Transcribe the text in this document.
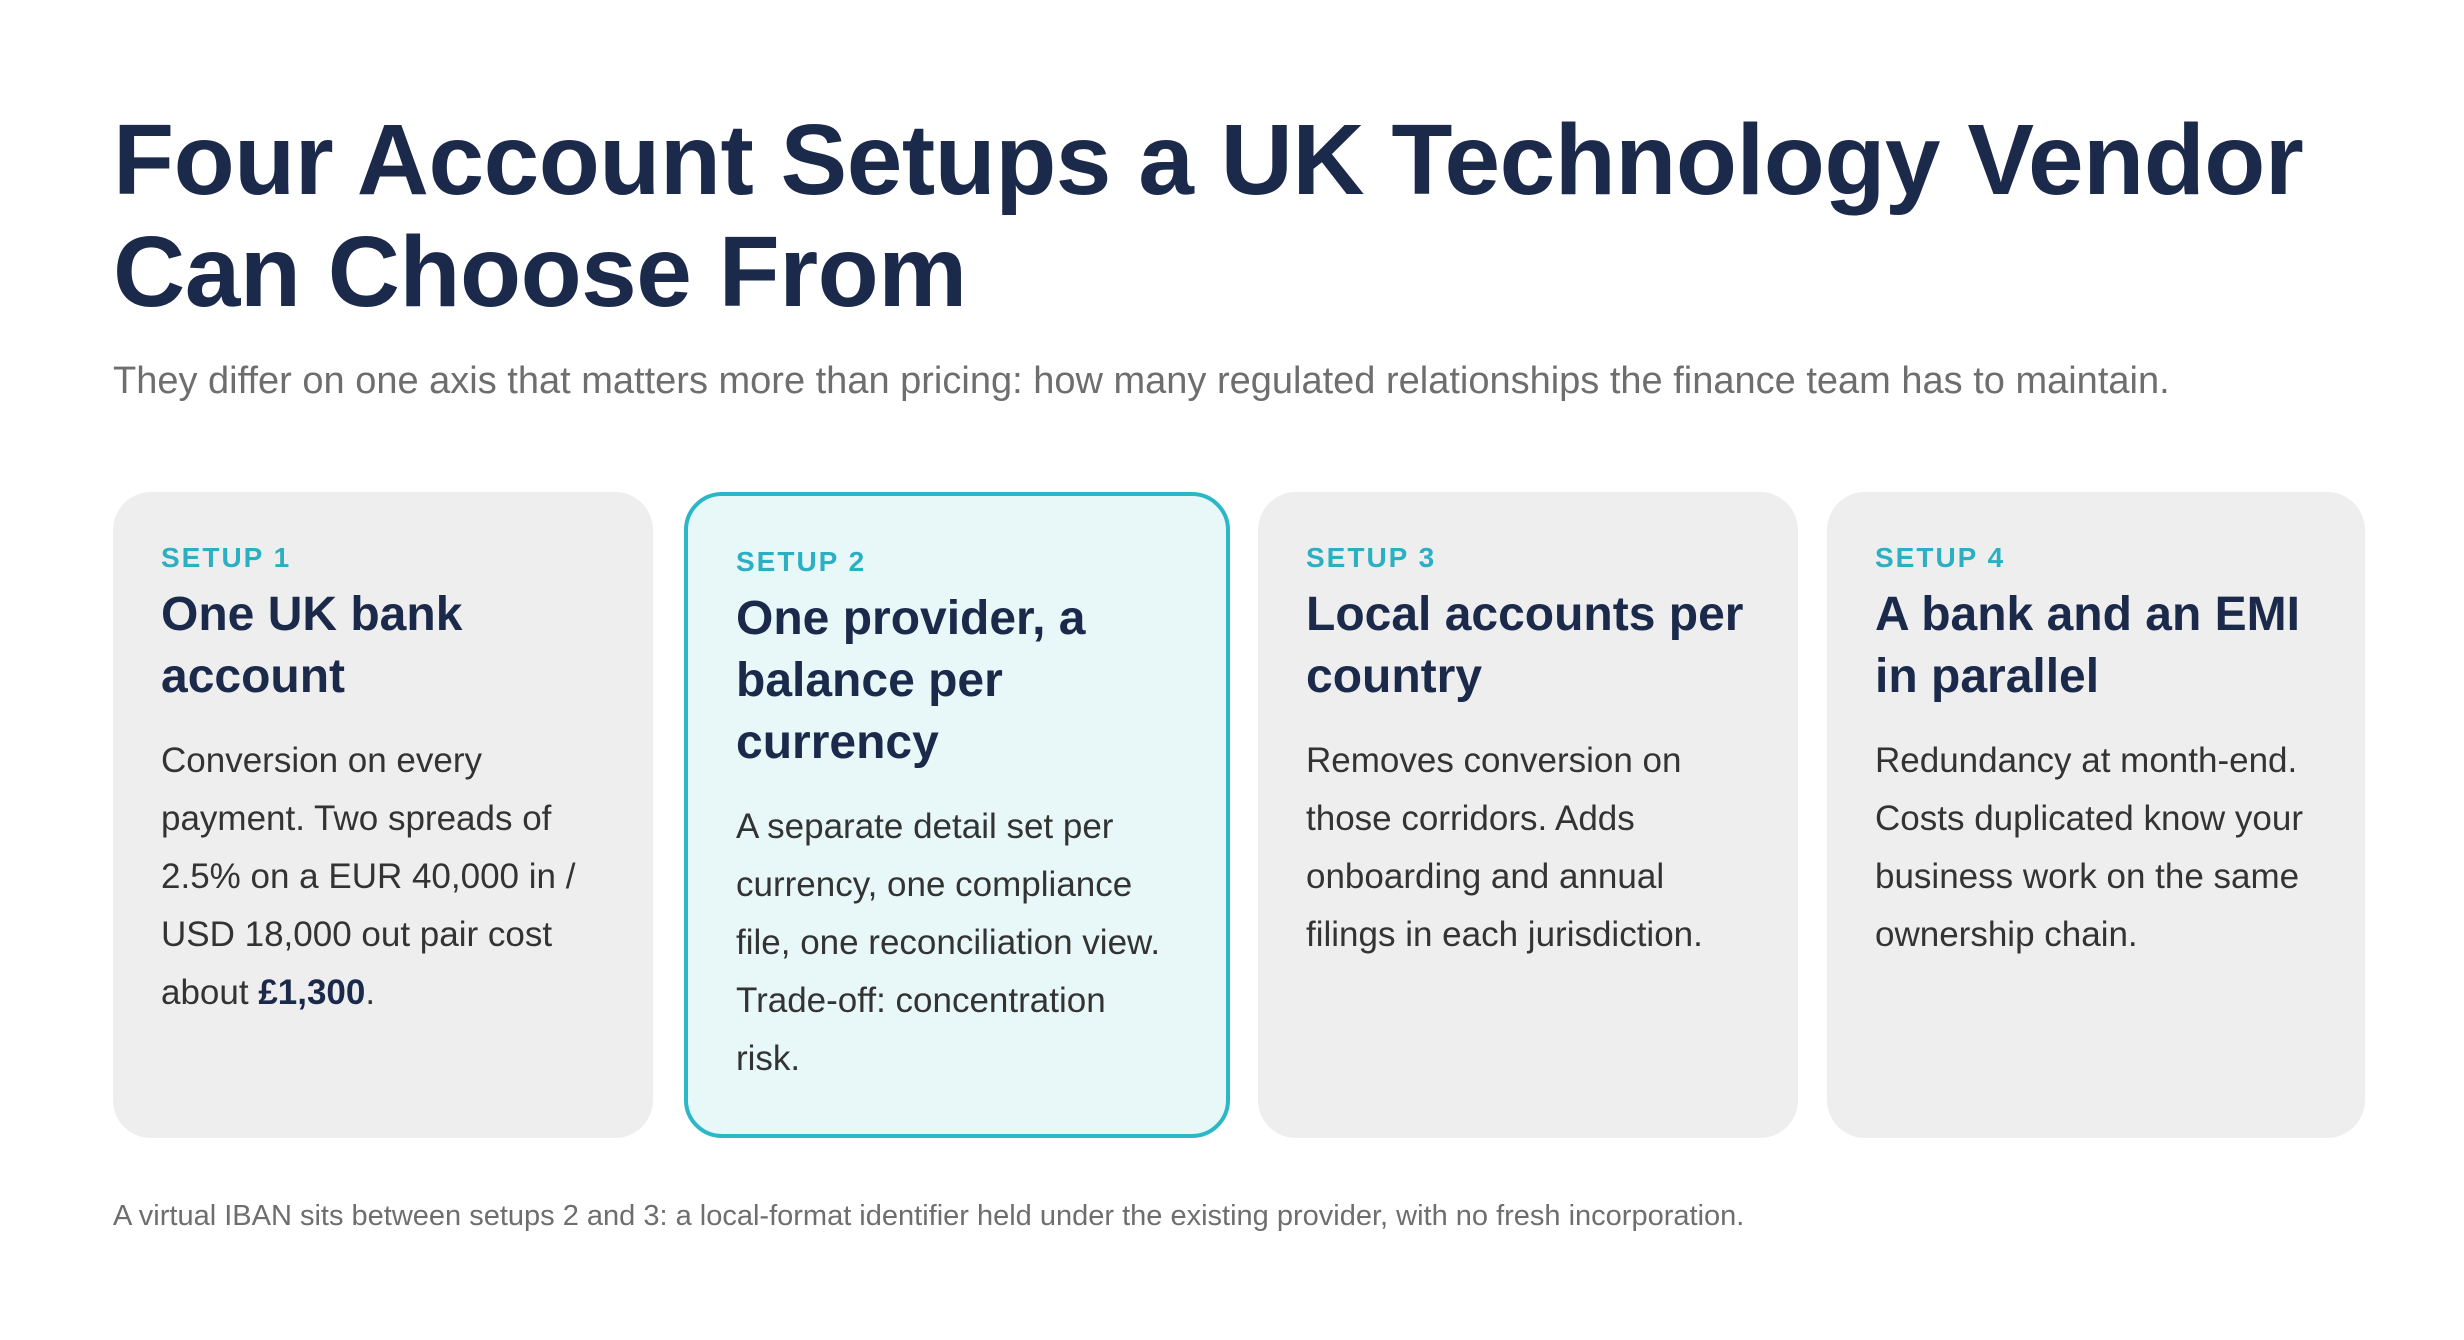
Four Account Setups a UK Technology Vendor Can Choose From

They differ on one axis that matters more than pricing: how many regulated relationships the finance team has to maintain.

SETUP 1
One UK bank account

Conversion on every payment. Two spreads of 2.5% on a EUR 40,000 in / USD 18,000 out pair cost about £1,300.

SETUP 2
One provider, a balance per currency

A separate detail set per currency, one compliance file, one reconciliation view. Trade-off: concentration risk.

SETUP 3
Local accounts per country

Removes conversion on those corridors. Adds onboarding and annual filings in each jurisdiction.

SETUP 4
A bank and an EMI in parallel

Redundancy at month-end. Costs duplicated know your business work on the same ownership chain.

A virtual IBAN sits between setups 2 and 3: a local-format identifier held under the existing provider, with no fresh incorporation.
